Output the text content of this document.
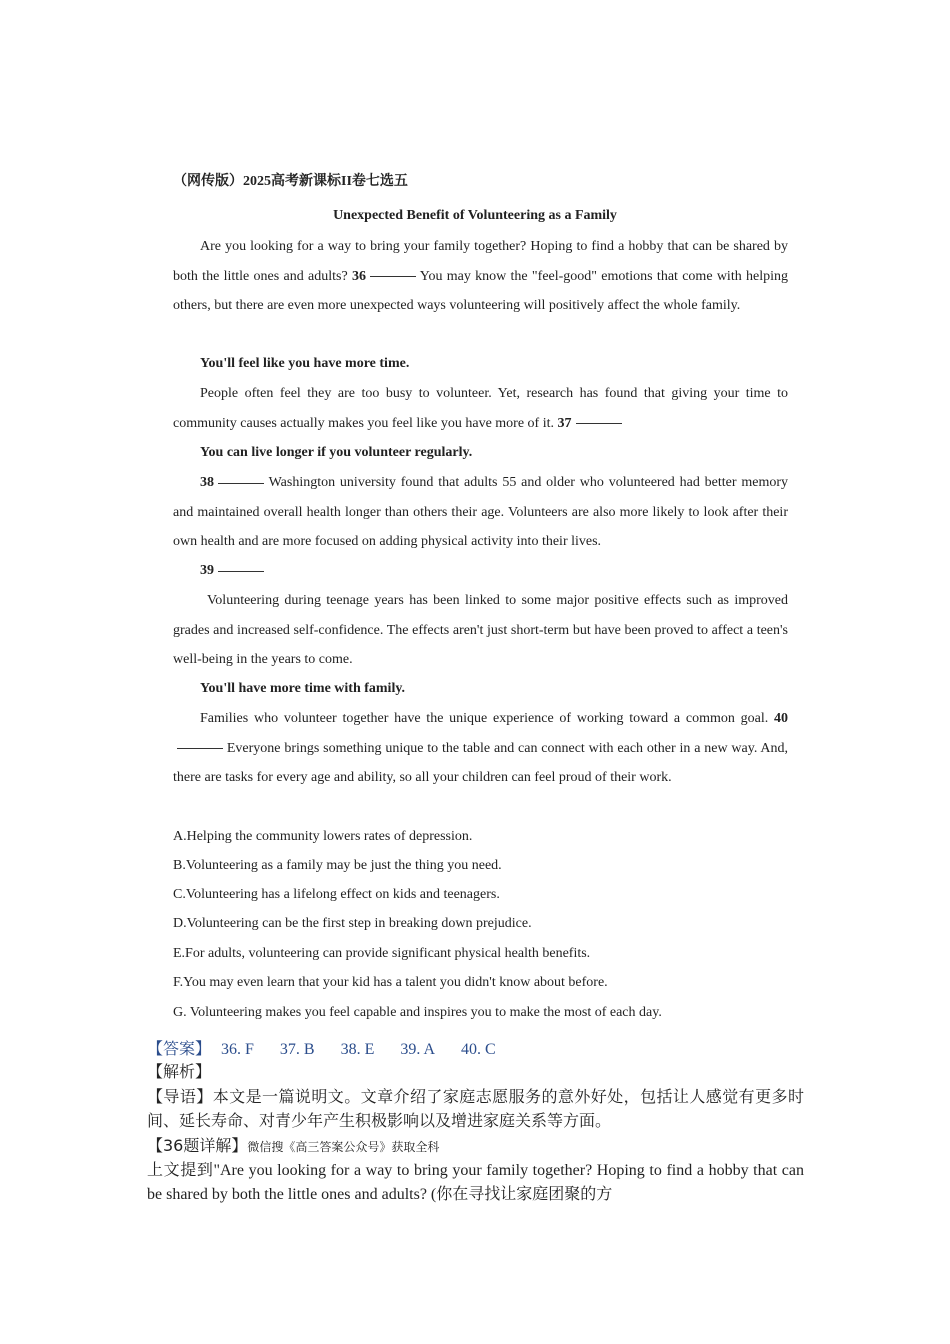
（网传版）2025高考新课标II卷七选五
Unexpected Benefit of Volunteering as a Family
Are you looking for a way to bring your family together? Hoping to find a hobby that can be shared by both the little ones and adults? 36	You may know the "feel-good" emotions that come with helping others, but there are even more unexpected ways volunteering will positively affect the whole family.
You'll feel like you have more time.
People often feel they are too busy to volunteer. Yet, research has found that giving your time to community causes actually makes you feel like you have more of it. 37
You can live longer if you volunteer regularly.
38	Washington university found that adults 55 and older who volunteered had better memory and maintained overall health longer than others their age. Volunteers are also more likely to look after their own health and are more focused on adding physical activity into their lives.
39
Volunteering during teenage years has been linked to some major positive effects such as improved grades and increased self-confidence. The effects aren't just short-term but have been proved to affect a teen's well-being in the years to come.
You'll have more time with family.
Families who volunteer together have the unique experience of working toward a common goal. 40 Everyone brings something unique to the table and can connect with each other in a new way. And, there are tasks for every age and ability, so all your children can feel proud of their work.
A.Helping the community lowers rates of depression.
B.Volunteering as a family may be just the thing you need.
C.Volunteering has a lifelong effect on kids and teenagers.
D.Volunteering can be the first step in breaking down prejudice.
E.For adults, volunteering can provide significant physical health benefits.
F.You may even learn that your kid has a talent you didn't know about before.
G. Volunteering makes you feel capable and inspires you to make the most of each day.
【答案】 36. F 37. B 38. E 39. A 40. C
【解析】
【导语】本文是一篇说明文。文章介绍了家庭志愿服务的意外好处，包括让人感觉有更多时间、延长寿命、对青少年产生积极影响以及增进家庭关系等方面。
【36题详解】微信搜《高三答案公众号》获取全科
上文提到"Are you looking for a way to bring your family together? Hoping to find a hobby that can be shared by both the little ones and adults? (你在寻找让家庭团聚的方
